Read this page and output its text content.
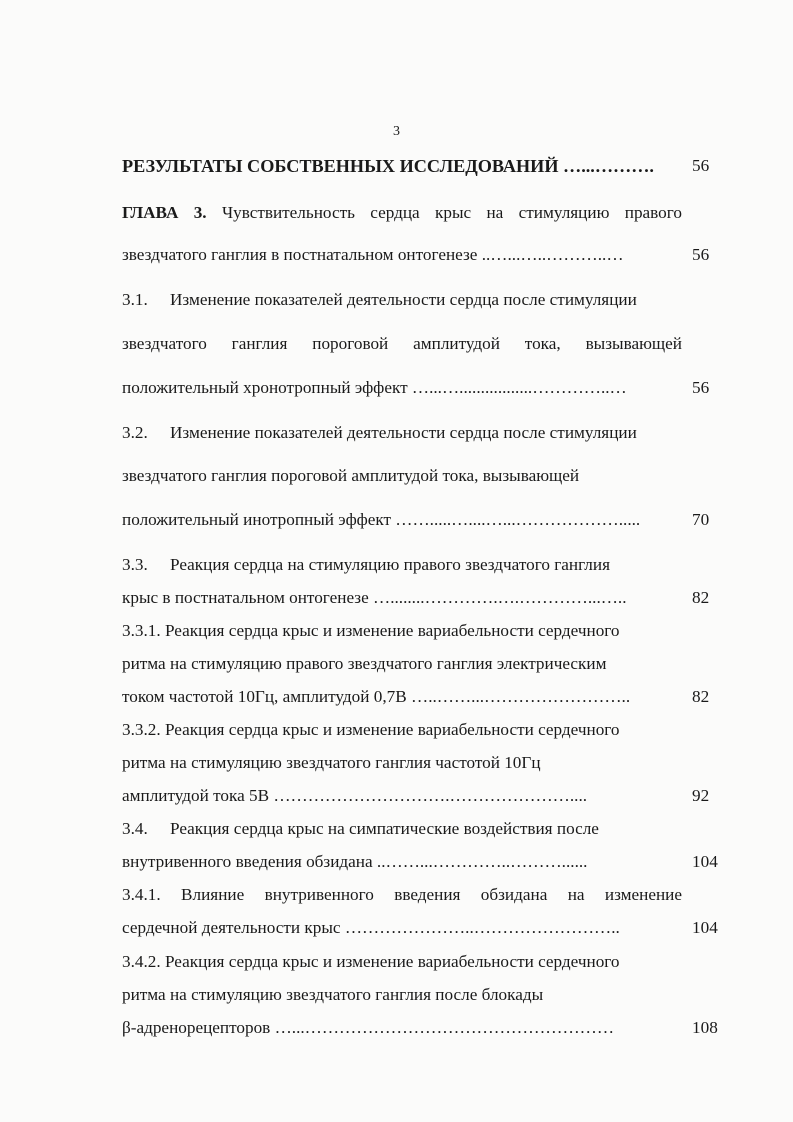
3
РЕЗУЛЬТАТЫ СОБСТВЕННЫХ ИССЛЕДОВАНИЙ …...……….	56
ГЛАВА 3. Чувствительность сердца крыс на стимуляцию правого
звездчатого ганглия в постнатальном онтогенезе ..…...…..………..…	56
3.1. Изменение показателей деятельности сердца после стимуляции
звездчатого ганглия пороговой амплитудой тока, вызывающей
положительный хронотропный эффект …...….................…………..…	56
3.2. Изменение показателей деятельности сердца после стимуляции
звездчатого ганглия пороговой амплитудой тока, вызывающей
положительный инотропный эффект …….....…....…...……………….....	70
3.3. Реакция сердца на стимуляцию правого звездчатого ганглия
крыс в постнатальном онтогенезе …........………….….…………...…..	82
3.3.1. Реакция сердца крыс и изменение вариабельности сердечного
ритма на стимуляцию правого звездчатого ганглия электрическим
током частотой 10Гц, амплитудой 0,7В …..……...……………………..	82
3.3.2. Реакция сердца крыс и изменение вариабельности сердечного
ритма на стимуляцию звездчатого ганглия частотой 10Гц
амплитудой тока 5В ………………………….…………………....	92
3.4. Реакция сердца крыс на симпатические воздействия после
внутривенного введения обзидана ..……...…………..………......	104
3.4.1. Влияние внутривенного введения обзидана на изменение
сердечной деятельности крыс …………………..……………………..	104
3.4.2. Реакция сердца крыс и изменение вариабельности сердечного
ритма на стимуляцию звездчатого ганглия после блокады
β-адренорецепторов …...………………………………………………	108
